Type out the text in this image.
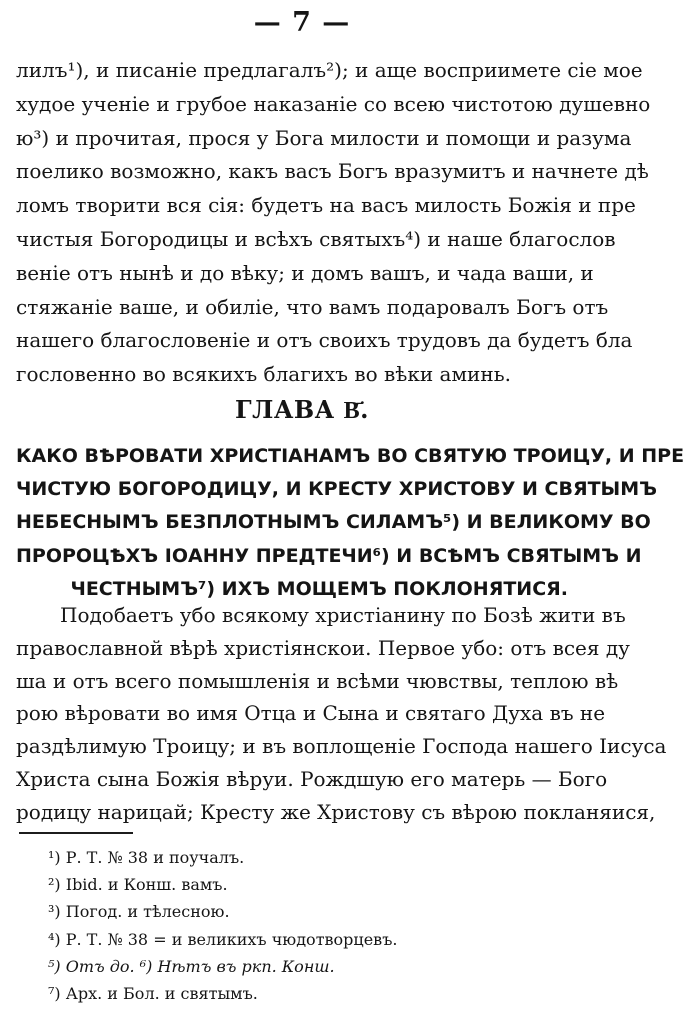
— 7 —
лилъ¹), и писаніе предлагалъ²); и аще восприимете сіе мое
худое ученіе и грубое наказаніе со всею чистотою душевно
ю³) и прочитая, прося у Бога милости и помощи и разума
поелико возможно, какъ васъ Богъ вразумитъ и начнете дѣ
ломъ творити вся сія: будетъ на васъ милость Божія и пре
чистыя Богородицы и всѣхъ святыхъ⁴) и наше благослов
веніе отъ нынѣ и до вѣку; и домъ вашъ, и чада ваши, и
стяжаніе ваше, и обиліе, что вамъ подаровалъ Богъ отъ
нашего благословеніе и отъ своихъ трудовъ да будетъ бла
гословенно во всякихъ благихъ во вѣки аминь.
ГЛАВА В҃.
КАКО ВѢРОВАТИ ХРИСТІАНАМЪ ВО СВЯТУЮ ТРОИЦУ, И ПРЕ
ЧИСТУЮ БОГОРОДИЦУ, И КРЕСТУ ХРИСТОВУ И СВЯТЫМЪ
НЕБЕСНЫМЪ БЕЗПЛОТНЫМЪ СИЛАМЪ⁵) И ВЕЛИКОМУ ВО
ПРОРОЦѢХЪ ІОАННУ ПРЕДТЕЧИ⁶) И ВСѢМЪ СВЯТЫМЪ И
ЧЕСТНЫМЪ⁷) ИХЪ МОЩЕМЪ ПОКЛОНЯТИСЯ.
Подобаетъ убо всякому христіанину по Бозѣ жити въ
православной вѣрѣ христіянскои. Первое убо: отъ всея ду
ша и отъ всего помышленія и всѣми чювствы, теплою вѣ
рою вѣровати во имя Отца и Сына и святаго Духа въ не
раздѣлимую Троицу; и въ воплощеніе Господа нашего Іисуса
Христа сына Божія вѣруи. Рождшую его матерь — Бого
родицу нарицай; Кресту же Христову съ вѣрою покланяися,
¹) Р. Т. № 38 и поучалъ.
²) Ibid. и Конш. вамъ.
³) Погод. и тѣлесною.
⁴) Р. Т. № 38 = и великихъ чюдотворцевъ.
⁵) Отъ до. ⁶) Нѣтъ въ ркп. Конш.
⁷) Арх. и Бол. и святымъ.
